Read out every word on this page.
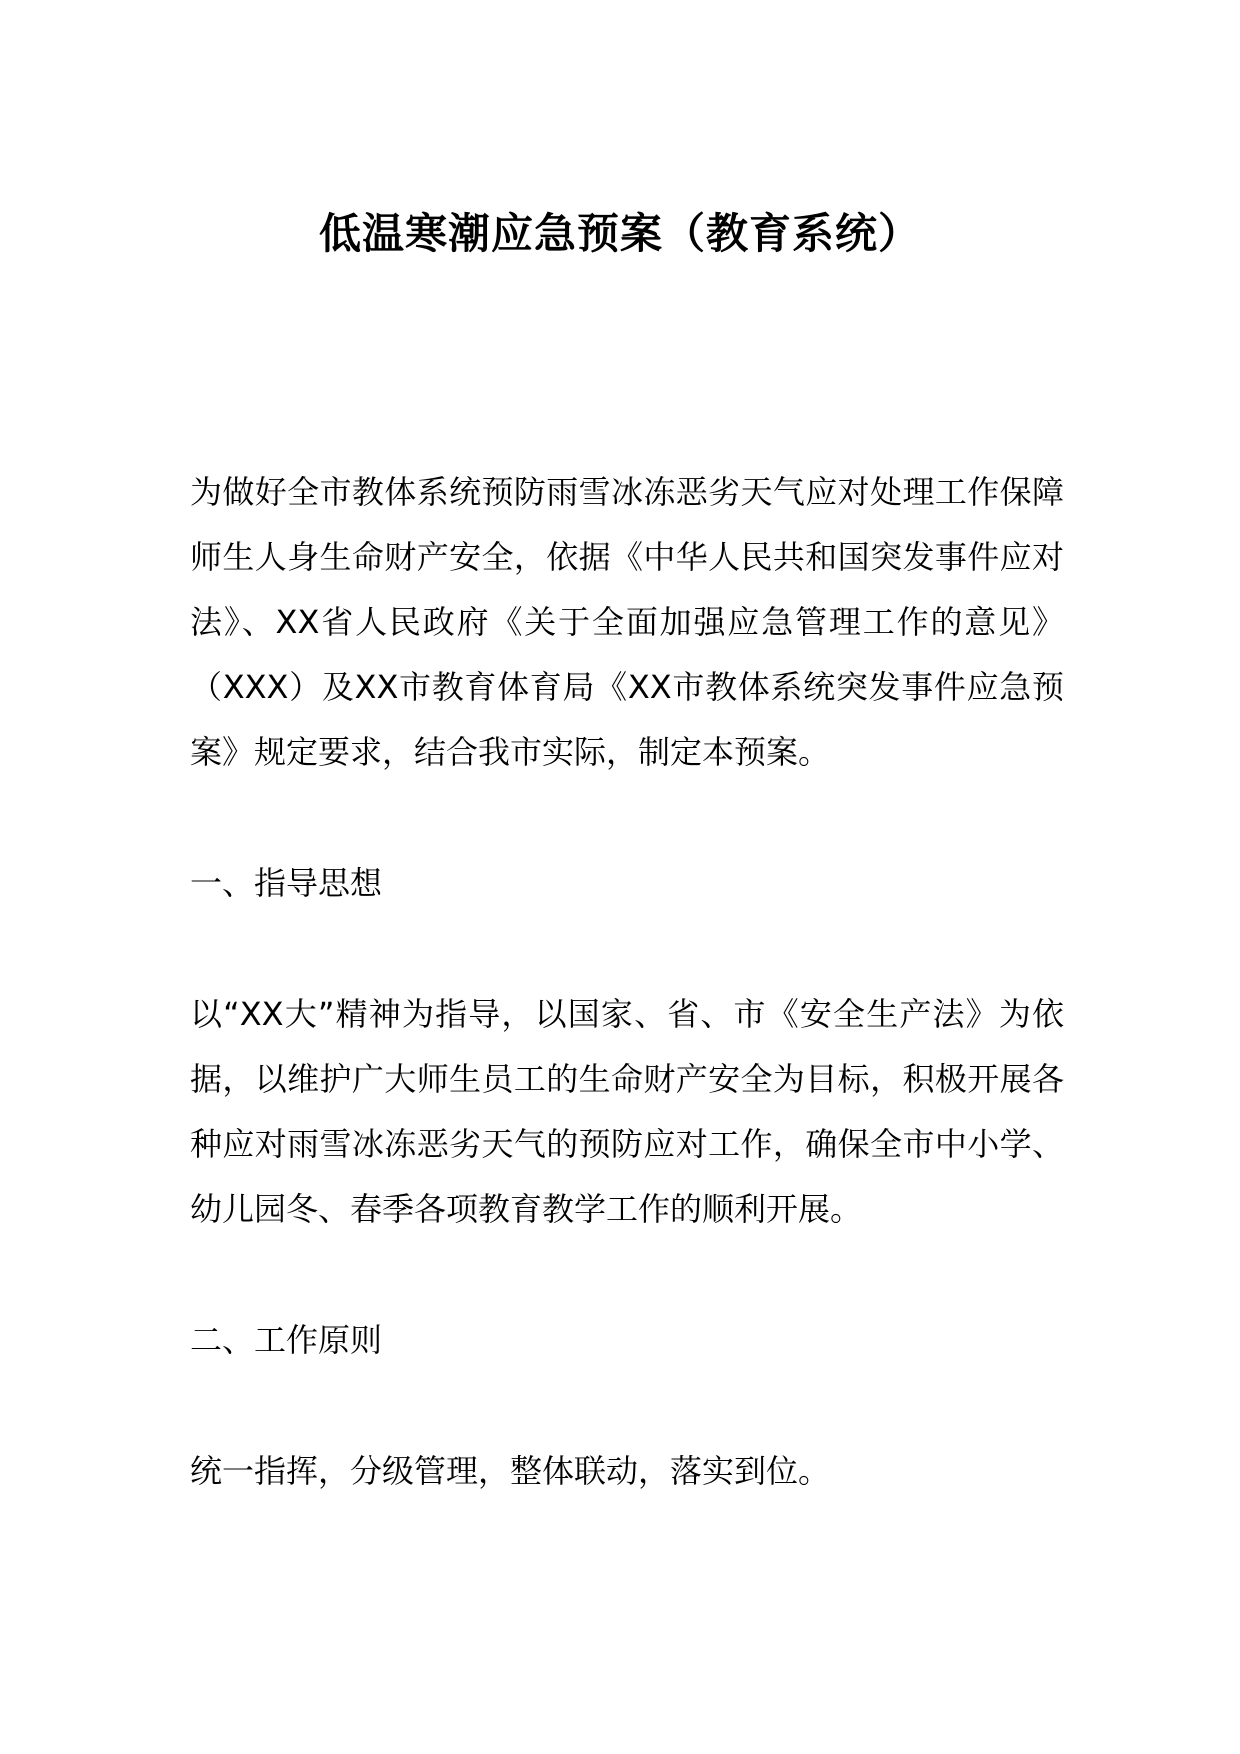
低温寒潮应急预案（教育系统）

为做好全市教体系统预防雨雪冰冻恶劣天气应对处理工作保障师生人身生命财产安全，依据《中华人民共和国突发事件应对法》、XX省人民政府《关于全面加强应急管理工作的意见》（XXX）及XX市教育体育局《XX市教体系统突发事件应急预案》规定要求，结合我市实际，制定本预案。

一、指导思想

以“XX大”精神为指导，以国家、省、市《安全生产法》为依据，以维护广大师生员工的生命财产安全为目标，积极开展各种应对雨雪冰冻恶劣天气的预防应对工作，确保全市中小学、幼儿园冬、春季各项教育教学工作的顺利开展。

二、工作原则

统一指挥，分级管理，整体联动，落实到位。
